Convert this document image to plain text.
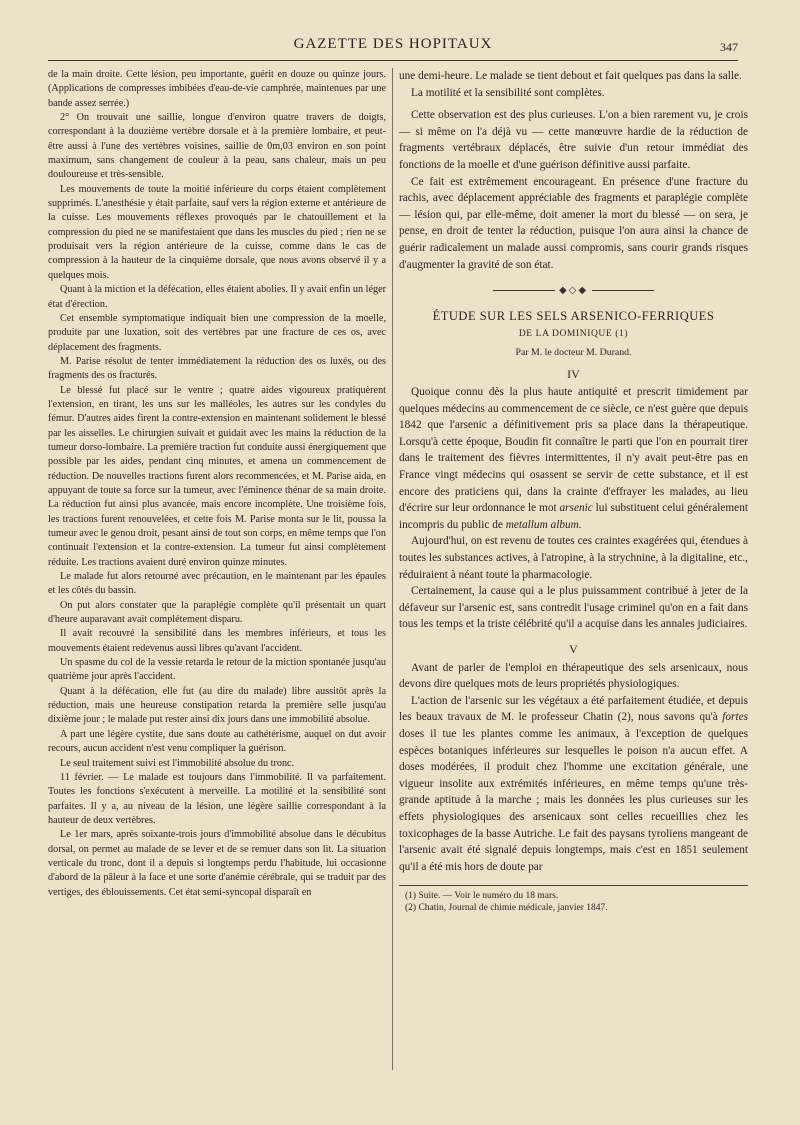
GAZETTE DES HOPITAUX	347

de la main droite. Cette lésion, peu importante, guérit en douze ou quinze jours. (Applications de compresses imbibées d'eau-de-vie camphrée, maintenues par une bande assez serrée.)

2° On trouvait une saillie, longue d'environ quatre travers de doigts, correspondant à la douzième vertèbre dorsale et à la première lombaire, et peut-être aussi à l'une des vertèbres voisines, saillie de 0m,03 environ en son point maximum, sans changement de couleur à la peau, sans chaleur, mais un peu douloureuse et très-sensible.

Les mouvements de toute la moitié inférieure du corps étaient complètement supprimés. L'anesthésie y était parfaite, sauf vers la région externe et antérieure de la cuisse. Les mouvements réflexes provoqués par le chatouillement et la compression du pied ne se manifestaient que dans les muscles du pied ; rien ne se produisait vers la région antérieure de la cuisse, comme dans le cas de compression à la hauteur de la cinquième dorsale, que nous avons observé il y a quelques mois.

Quant à la miction et la défécation, elles étaient abolies. Il y avait enfin un léger état d'érection.

Cet ensemble symptomatique indiquait bien une compression de la moelle, produite par une luxation, soit des vertèbres par une fracture de ces os, avec déplacement des fragments.

M. Parise résolut de tenter immédiatement la réduction des os luxés, ou des fragments des os fracturés.

Le blessé fut placé sur le ventre ; quatre aides vigoureux pratiquèrent l'extension, en tirant, les uns sur les malléoles, les autres sur les condyles du fémur. D'autres aides firent la contre-extension en maintenant solidement le blessé par les aisselles. Le chirurgien suivait et guidait avec les mains la réduction de la tumeur dorso-lombaire. La première traction fut conduite aussi énergiquement que possible par les aides, pendant cinq minutes, et amena un commencement de réduction. De nouvelles tractions furent alors recommencées, et M. Parise aida, en appuyant de toute sa force sur la tumeur, avec l'éminence thénar de sa main droite. La réduction fut ainsi plus avancée, mais encore incomplète. Une troisième fois, les tractions furent renouvelées, et cette fois M. Parise monta sur le lit, poussa la tumeur avec le genou droit, pesant ainsi de tout son corps, en même temps que l'on continuait l'extension et la contre-extension. La tumeur fut ainsi complètement réduite. Les tractions avaient duré environ quinze minutes.

Le malade fut alors retourné avec précaution, en le maintenant par les épaules et les côtés du bassin.

On put alors constater que la paraplégie complète qu'il présentait un quart d'heure auparavant avait complétement disparu.

Il avait recouvré la sensibilité dans les membres inférieurs, et tous les mouvements étaient redevenus aussi libres qu'avant l'accident.

Un spasme du col de la vessie retarda le retour de la miction spontanée jusqu'au quatrième jour après l'accident.

Quant à la défécation, elle fut (au dire du malade) libre aussitôt après la réduction, mais une heureuse constipation retarda la première selle jusqu'au dixième jour ; le malade put rester ainsi dix jours dans une immobilité absolue.

A part une légère cystite, due sans doute au cathétérisme, auquel on dut avoir recours, aucun accident n'est venu compliquer la guérison.

Le seul traitement suivi est l'immobilité absolue du tronc.

11 février. — Le malade est toujours dans l'immobilité. Il va parfaitement. Toutes les fonctions s'exécutent à merveille. La motilité et la sensibilité sont parfaites. Il y a, au niveau de la lésion, une légère saillie correspondant à la hauteur de deux vertèbres.

Le 1er mars, après soixante-trois jours d'immobilité absolue dans le décubitus dorsal, on permet au malade de se lever et de se remuer dans son lit. La situation verticale du tronc, dont il a depuis si longtemps perdu l'habitude, lui occasionne d'abord de la pâleur à la face et une sorte d'anémie cérébrale, qui se traduit par des vertiges, des éblouissements. Cet état semi-syncopal disparaît en

une demi-heure. Le malade se tient debout et fait quelques pas dans la salle.

La motilité et la sensibilité sont complètes.

Cette observation est des plus curieuses. L'on a bien rarement vu, je crois — si même on l'a déjà vu — cette manœuvre hardie de la réduction de fragments vertébraux déplacés, être suivie d'un retour immédiat des fonctions de la moelle et d'une guérison définitive aussi parfaite.

Ce fait est extrêmement encourageant. En présence d'une fracture du rachis, avec déplacement appréciable des fragments et paraplégie complète — lésion qui, par elle-même, doit amener la mort du blessé — on sera, je pense, en droit de tenter la réduction, puisque l'on aura ainsi la chance de guérir radicalement un malade aussi compromis, sans courir grands risques d'augmenter la gravité de son état.

◆◇◆
ÉTUDE SUR LES SELS ARSENICO-FERRIQUES
DE LA DOMINIQUE (1)
Par M. le docteur M. Durand.
IV

Quoique connu dès la plus haute antiquité et prescrit timidement par quelques médecins au commencement de ce siècle, ce n'est guère que depuis 1842 que l'arsenic a définitivement pris sa place dans la thérapeutique. Lorsqu'à cette époque, Boudin fit connaître le parti que l'on en pourrait tirer dans le traitement des fièvres intermittentes, il n'y avait peut-être pas en France vingt médecins qui osassent se servir de cette substance, et il est encore des praticiens qui, dans la crainte d'effrayer les malades, au lieu d'écrire sur leur ordonnance le mot arsenic lui substituent celui généralement incompris du public de metallum album.

Aujourd'hui, on est revenu de toutes ces craintes exagérées qui, étendues à toutes les substances actives, à l'atropine, à la strychnine, à la digitaline, etc., réduiraient à néant toute la pharmacologie.

Certainement, la cause qui a le plus puissamment contribué à jeter de la défaveur sur l'arsenic est, sans contredit l'usage criminel qu'on en a fait dans tous les temps et la triste célébrité qu'il a acquise dans les annales judiciaires.

V

Avant de parler de l'emploi en thérapeutique des sels arsenicaux, nous devons dire quelques mots de leurs propriétés physiologiques.

L'action de l'arsenic sur les végétaux a été parfaitement étudiée, et depuis les beaux travaux de M. le professeur Chatin (2), nous savons qu'à fortes doses il tue les plantes comme les animaux, à l'exception de quelques espèces botaniques inférieures sur lesquelles le poison n'a aucun effet. A doses modérées, il produit chez l'homme une excitation générale, une vigueur insolite aux extrémités inférieures, en même temps qu'une très-grande aptitude à la marche ; mais les données les plus curieuses sur les effets physiologiques des arsenicaux sont celles recueillies chez les toxicophages de la basse Autriche. Le fait des paysans tyroliens mangeant de l'arsenic avait été signalé depuis longtemps, mais c'est en 1851 seulement qu'il a été mis hors de doute par

(1) Suite. — Voir le numéro du 18 mars.
(2) Chatin, Journal de chimie médicale, janvier 1847.
